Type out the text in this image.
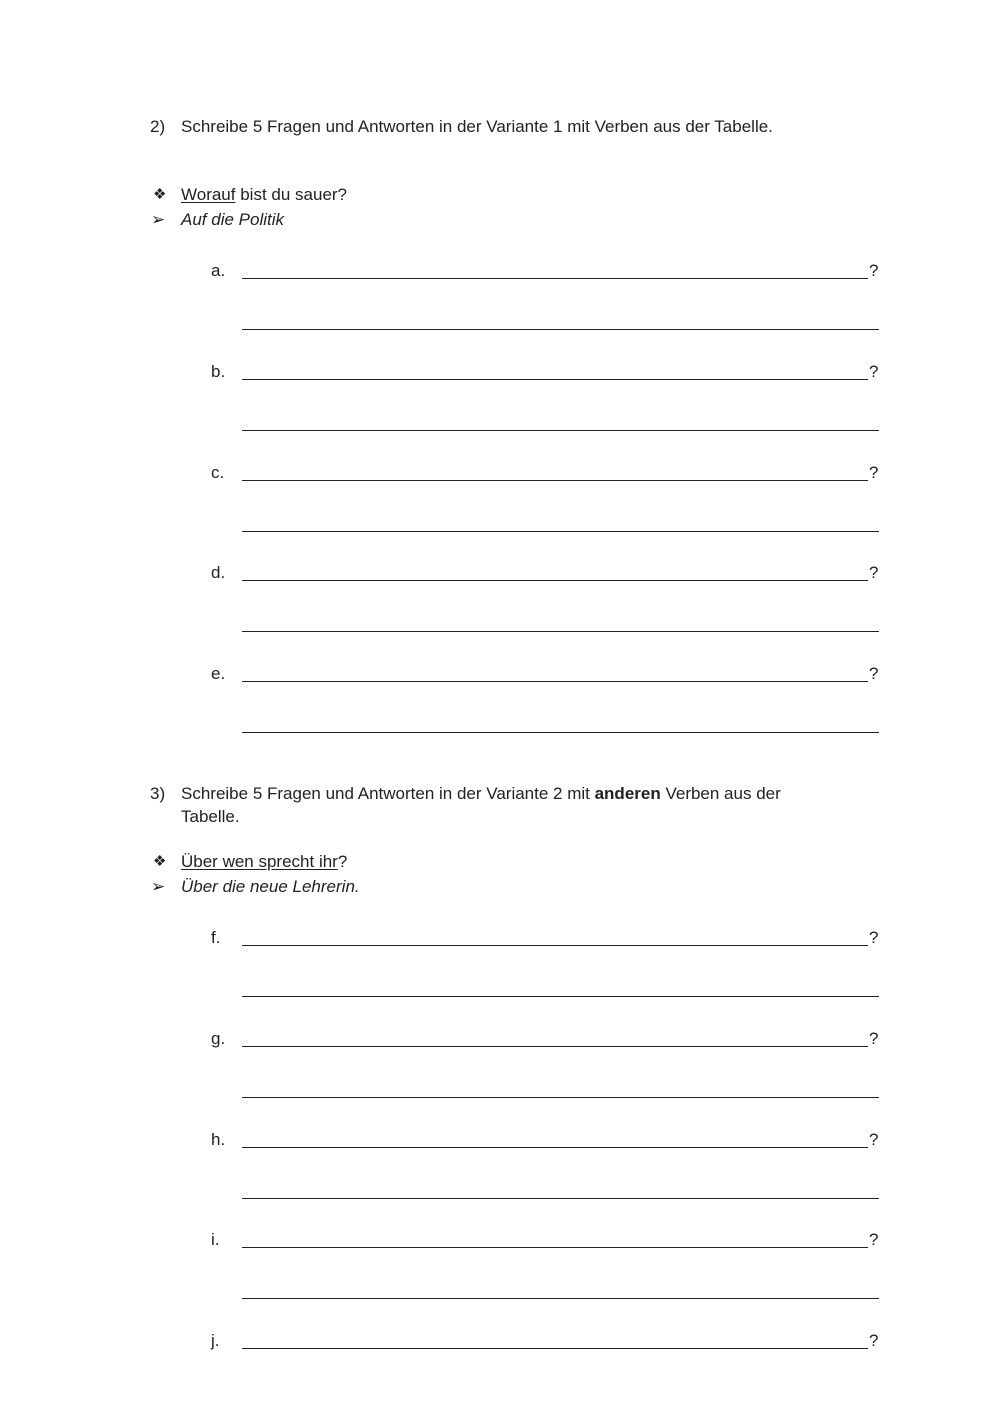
2) Schreibe 5 Fragen und Antworten in der Variante 1 mit Verben aus der Tabelle.
❖ Worauf bist du sauer?
➢ Auf die Politik
a.	?
b.	?
c.	?
d.	?
e.	?
3) Schreibe 5 Fragen und Antworten in der Variante 2 mit anderen Verben aus der
Tabelle.
❖ Über wen sprecht ihr?
➢ Über die neue Lehrerin.
f.	?
g.	?
h.	?
i.	?
j.	?
